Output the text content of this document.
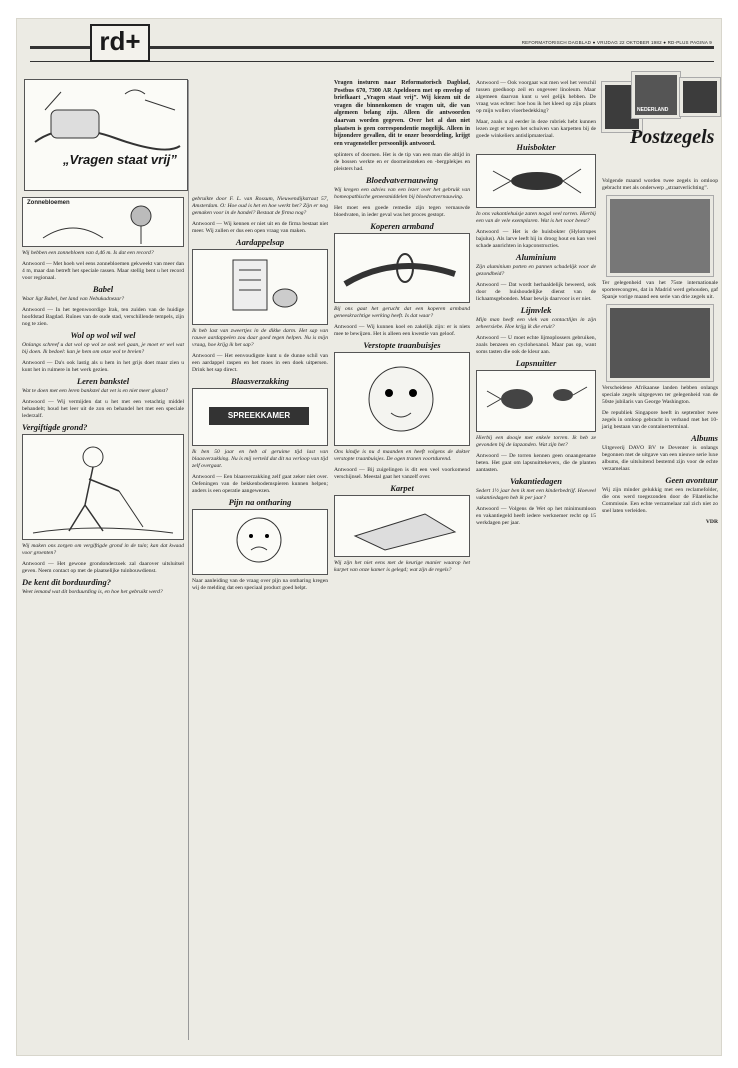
rd+	REFORMATORISCH DAGBLAD ● VRIJDAG 22 OKTOBER 1982 ● RD-PLUS PAGINA 9
„Vragen staat vrij”
Zonnebloemen

Wij hebben een zonnebloem van 4,46 m. Is dat een record?

Antwoord — Met hoeh wel eens zonnebloemen gekweekt van meer dan 4 m, maar dan betreft het speciale rassen. Maar stellig bent u het record voor regionaal.

Babel

Waar ligt Babel, het land van Nebukadnezar?

Antwoord — In het tegenwoordige Irak, ten zuiden van de huidige hoofdstad Bagdad. Ruïnes van de oude stad, verschillende tempels, zijn nog te zien.

Wol op wol wil wel

Onlangs schreef u dat wol op wol ze ook wel gaan, je moet er wel wat bij doen. Ik bedoel: kan je hem om onze wol te breien?

Antwoord — Da's ook lastig als u hem in het grijs doet maar zien u kunt het in ruimere in het werk gezien.

Leren bankstel

Wat te doen met een leren bankstel dat vet is en niet meer glanst?

Antwoord — Wij vermijden dat u het met een vetachtig middel behandelt; houd het leer uit de zon en behandel het met een speciale lederzalf.

Vergiftigde grond?

Wij maken ons zorgen om vergiftigde grond in de tuin; kan dat kwaad voor groenten?

Antwoord — Het gewone grondonderzoek zal daarover uitsluitsel geven. Neem contact op met de plaatselijke tuinbouwdienst.

De kent dit borduurding?

Weet iemand wat dit borduurding is, en hoe het gebruikt werd?

gebruikte door F. L. van Rossum, Nieuwendijkstraat 57, Amsterdam. O: Hoe oud is het en hoe werkt het? Zijn er nog gemaken voor in de handel? Bestaat de firma nog?

Antwoord — Wij kennen er niet uit en de firma bestaat niet meer. Wij zullen er dus een open vraag van maken.

Aardappelsap

Ik heb last van zweertjes in de dikke darm. Het sap van rauwe aardappelen zou daar goed tegen helpen. Nu is mijn vraag, hoe krijg ik het sap?

Antwoord — Het eenvoudigste kunt u de dunne schil van een aardappel raspen en het moes in een doek uitpersen. Drink het sap direct.

Blaasverzakking
SPREEKKAMER

Ik ben 50 jaar en heb al geruime tijd last van blaasverzakking. Nu is mij verteld dat dit na verloop van tijd zelf overgaat.

Antwoord — Een blaasverzakking zelf gaat zeker niet over. Oefeningen van de bekkenbodemspieren kunnen helpen; anders is een operatie aangewezen.

Pijn na ontharing

Naar aanleiding van de vraag over pijn na ontharing kregen wij de melding dat een speciaal product goed helpt.

Vragen insturen naar Reformatorisch Dagblad, Postbus 670, 7300 AR Apeldoorn met op envelop of briefkaart „Vragen staat vrij”. Wij kiezen uit de vragen die binnenkomen de vragen uit, die van algemeen belang zijn. Alleen die antwoorden daarvan worden gegeven. Over het al dan niet plaatsen is geen correspondentie mogelijk. Alleen in bijzondere gevallen, dit te onzer beoordeling, krijgt een vragensteller persoonlijk antwoord.

splinters of doornen. Het is de tip van een man die altijd in de bossen werkte en er doorneinsteken en -bergplekjes en pleisters had.

Bloedvatvernauwing

Wij kregen een advies van een lezer over het gebruik van homeopathische geneesmiddelen bij bloedvatvernauwing.

Het moet een goede remedie zijn tegen vernauwde bloedvaten, in ieder geval was het proces gestopt.

Koperen armband

Bij ons gaat het gerucht dat een koperen armband geneeskrachtige werking heeft. Is dat waar?

Antwoord — Wij kunnen koel en zakelijk zijn: er is niets mee te bewijzen. Het is alleen een kwestie van geloof.

Verstopte traanbuisjes

Ons kindje is nu 4 maanden en heeft volgens de dokter verstopte traanbuisjes. De ogen tranen voortdurend.

Antwoord — Bij zuigelingen is dit een veel voorkomend verschijnsel. Meestal gaat het vanzelf over.

Karpet

Wij zijn het niet eens met de keurige manier waarop het karpet van onze kamer is gelegd; wat zijn de regels?

Antwoord — Ook voorgaat wat men wel het verschil tussen goedkoop zeil en ongeveer linoleum. Maar algemeen daarvan kunt u wel gelijk hebben. De vraag was echter: hoe hou ik het kleed op zijn plaats op mijn wollen vloerbedekking?

Maar, zoals u al eerder in deze rubriek hebt kunnen lezen zegt er tegen het schuiven van karpetten bij de goede winkeliers antislipmateriaal.

Huisbokter

In ons vakantiehuisje zaten nogal veel torren. Hierbij een van de vele exemplaren. Wat is het voor beest?

Antwoord — Het is de huisbokter (Hylotrupes bajulus). Als larve leeft hij in droog hout en kan veel schade aanrichten in kapconstructies.

Aluminium

Zijn aluminium potten en pannen schadelijk voor de gezondheid?

Antwoord — Dat wordt herhaaldelijk beweerd, ook door de huishoudelijke dienst van de lichaamsgebonden. Maar bewijs daarvoor is er niet.

Lijmvlek

Mijn man heeft een vlek van contactlijm in zijn zeheersiebe. Hoe krijg ik die eruit?

Antwoord — U moet echte lijmoplossers gebruiken, zoals benzeen en cyclohexanol. Maar pas op, want soms tasten die ook de kleur aan.

Lapsnuitter

Hierbij een doosje met enkele torren. Ik heb ze gevonden bij de lapzanden. Wat zijn het?

Antwoord — De torren kennen geen onaangename beten. Het gaat om lapsnuittekevers, die de planten aantasten.

Vakantiedagen

Sedert 1½ jaar ben ik met een kinderbedrijf. Hoeveel vakantiedagen heb ik per jaar?

Antwoord — Volgens de Wet op het minimumloon en vakantiegeld heeft iedere werknemer recht op 15 werkdagen per jaar.

NEDERLAND
Postzegels

Volgende maand worden twee zegels in omloop gebracht met als onderwerp „straatverlichting”.

Ter gelegenheid van het 75ste internationale sporterecongres, dat in Madrid werd gehouden, gaf Spanje vorige maand een serie van drie zegels uit.

Verscheidene Afrikaanse landen hebben onlangs speciale zegels uitgegeven ter gelegenheid van de 50ste jubilaris van George Washington.

De republiek Singapore heeft in september twee zegels in omloop gebracht in verband met het 10-jarig bestaan van de containerterminal.

Albums

Uitgeverij DAVO BV te Deventer is onlangs begonnen met de uitgave van een nieuwe serie luxe albums, die uitsluitend bestemd zijn voor de echte verzamelaar.

Geen avontuur

Wij zijn minder gelukkig met een reclamefolder, die ons werd toegezonden door de Filatelische Commissie. Een echte verzamelaar zal zich niet zo snel laten verleiden.

VDR
